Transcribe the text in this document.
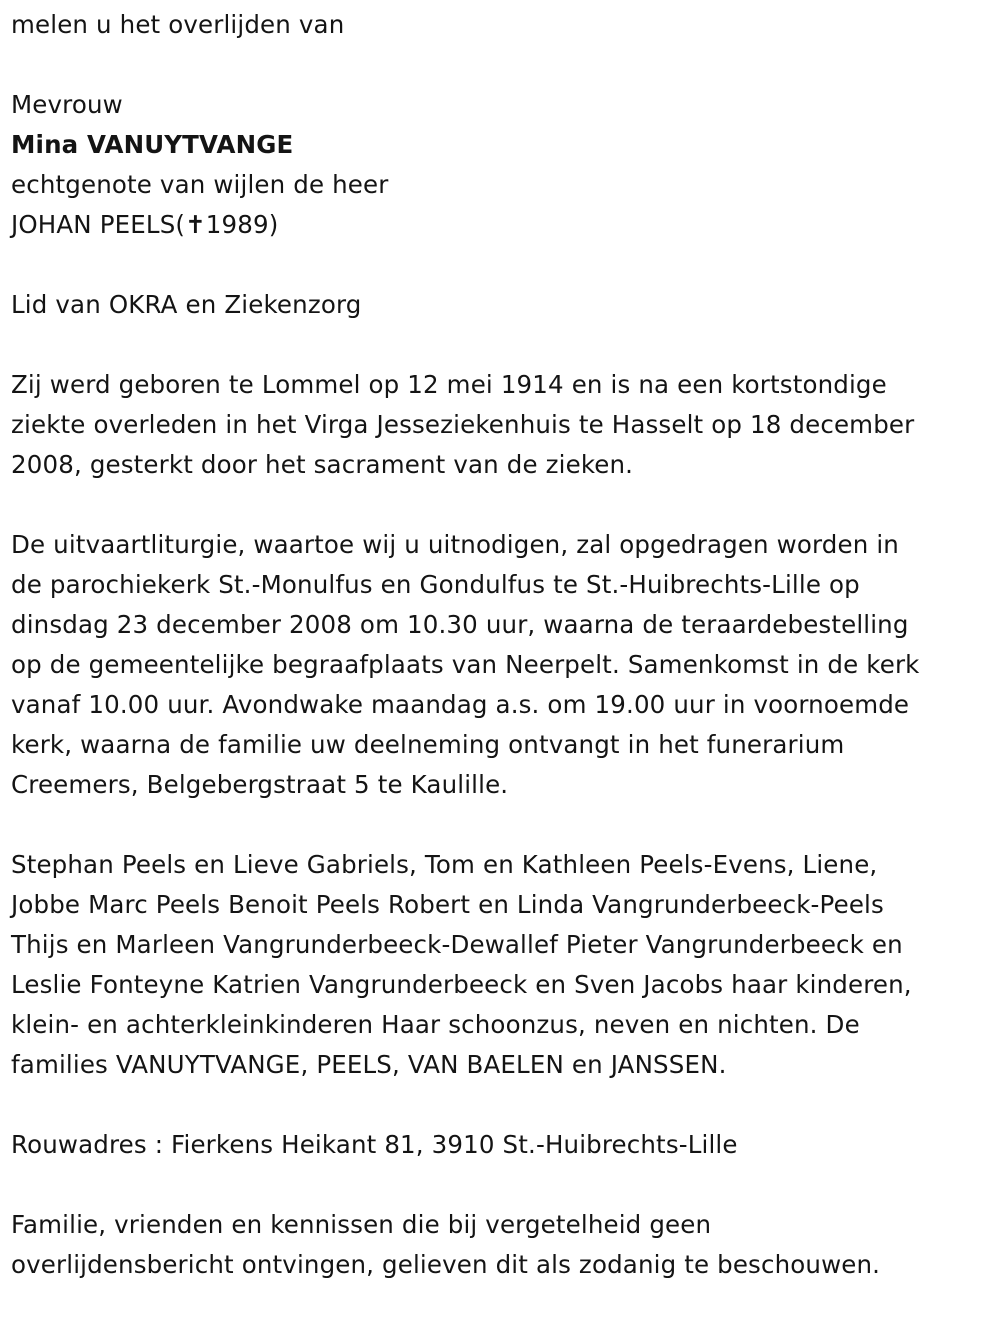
melen u het overlijden van

Mevrouw

Mina VANUYTVANGE

echtgenote van wijlen de heer

JOHAN PEELS(✝1989)

Lid van OKRA en Ziekenzorg

Zij werd geboren te Lommel op 12 mei 1914 en is na een kortstondige

ziekte overleden in het Virga Jesseziekenhuis te Hasselt op 18 december

2008, gesterkt door het sacrament van de zieken.

De uitvaartliturgie, waartoe wij u uitnodigen, zal opgedragen worden in

de parochiekerk St.-Monulfus en Gondulfus te St.-Huibrechts-Lille op

dinsdag 23 december 2008 om 10.30 uur, waarna de teraardebestelling

op de gemeentelijke begraafplaats van Neerpelt. Samenkomst in de kerk

vanaf 10.00 uur. Avondwake maandag a.s. om 19.00 uur in voornoemde

kerk, waarna de familie uw deelneming ontvangt in het funerarium

Creemers, Belgebergstraat 5 te Kaulille.

Stephan Peels en Lieve Gabriels, Tom en Kathleen Peels-Evens, Liene,

Jobbe Marc Peels Benoit Peels Robert en Linda Vangrunderbeeck-Peels

Thijs en Marleen Vangrunderbeeck-Dewallef Pieter Vangrunderbeeck en

Leslie Fonteyne Katrien Vangrunderbeeck en Sven Jacobs haar kinderen,

klein- en achterkleinkinderen Haar schoonzus, neven en nichten. De

families VANUYTVANGE, PEELS, VAN BAELEN en JANSSEN.

Rouwadres : Fierkens Heikant 81, 3910 St.-Huibrechts-Lille

Familie, vrienden en kennissen die bij vergetelheid geen

overlijdensbericht ontvingen, gelieven dit als zodanig te beschouwen.
